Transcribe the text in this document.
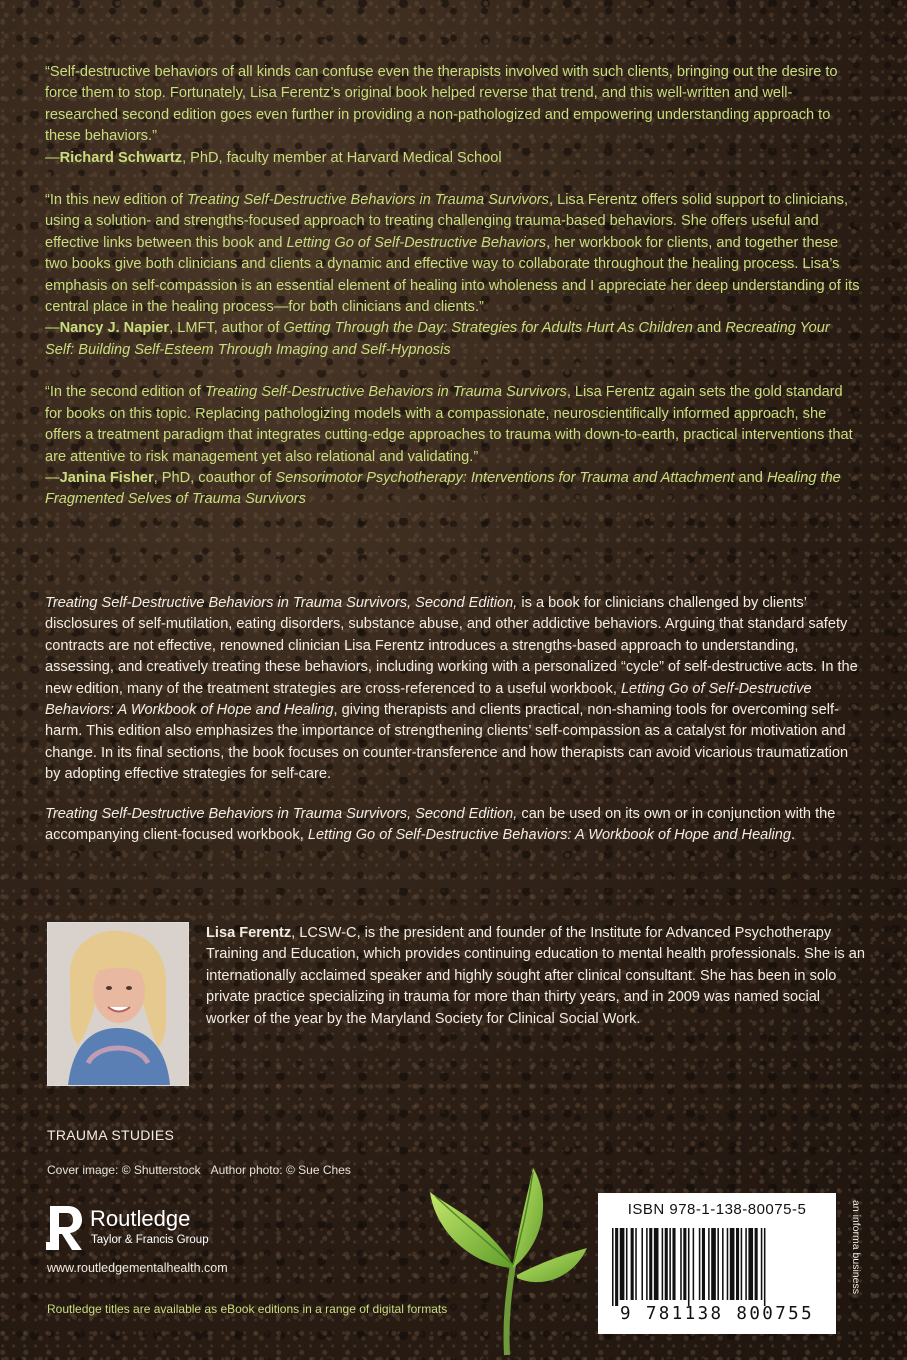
“Self-destructive behaviors of all kinds can confuse even the therapists involved with such clients, bringing out the desire to force them to stop. Fortunately, Lisa Ferentz’s original book helped reverse that trend, and this well-written and well-researched second edition goes even further in providing a non-pathologized and empowering understanding approach to these behaviors.”
—Richard Schwartz, PhD, faculty member at Harvard Medical School

“In this new edition of Treating Self-Destructive Behaviors in Trauma Survivors, Lisa Ferentz offers solid support to clinicians, using a solution- and strengths-focused approach to treating challenging trauma-based behaviors. She offers useful and effective links between this book and Letting Go of Self-Destructive Behaviors, her workbook for clients, and together these two books give both clinicians and clients a dynamic and effective way to collaborate throughout the healing process. Lisa’s emphasis on self-compassion is an essential element of healing into wholeness and I appreciate her deep understanding of its central place in the healing process—for both clinicians and clients.”
—Nancy J. Napier, LMFT, author of Getting Through the Day: Strategies for Adults Hurt As Children and Recreating Your Self: Building Self-Esteem Through Imaging and Self-Hypnosis

“In the second edition of Treating Self-Destructive Behaviors in Trauma Survivors, Lisa Ferentz again sets the gold standard for books on this topic. Replacing pathologizing models with a compassionate, neuroscientifically informed approach, she offers a treatment paradigm that integrates cutting-edge approaches to trauma with down-to-earth, practical interventions that are attentive to risk management yet also relational and validating.”
—Janina Fisher, PhD, coauthor of Sensorimotor Psychotherapy: Interventions for Trauma and Attachment and Healing the Fragmented Selves of Trauma Survivors

Treating Self-Destructive Behaviors in Trauma Survivors, Second Edition, is a book for clinicians challenged by clients’ disclosures of self-mutilation, eating disorders, substance abuse, and other addictive behaviors. Arguing that standard safety contracts are not effective, renowned clinician Lisa Ferentz introduces a strengths-based approach to understanding, assessing, and creatively treating these behaviors, including working with a personalized “cycle” of self-destructive acts. In the new edition, many of the treatment strategies are cross-referenced to a useful workbook, Letting Go of Self-Destructive Behaviors: A Workbook of Hope and Healing, giving therapists and clients practical, non-shaming tools for overcoming self-harm. This edition also emphasizes the importance of strengthening clients’ self-compassion as a catalyst for motivation and change. In its final sections, the book focuses on counter-transference and how therapists can avoid vicarious traumatization by adopting effective strategies for self-care.

Treating Self-Destructive Behaviors in Trauma Survivors, Second Edition, can be used on its own or in conjunction with the accompanying client-focused workbook, Letting Go of Self-Destructive Behaviors: A Workbook of Hope and Healing.

Lisa Ferentz, LCSW-C, is the president and founder of the Institute for Advanced Psychotherapy Training and Education, which provides continuing education to mental health professionals. She is an internationally acclaimed speaker and highly sought after clinical consultant. She has been in solo private practice specializing in trauma for more than thirty years, and in 2009 was named social worker of the year by the Maryland Society for Clinical Social Work.
TRAUMA STUDIES
Cover image: © Shutterstock Author photo: © Sue Ches
Routledge
Taylor & Francis Group
www.routledgementalhealth.com
Routledge titles are available as eBook editions in a range of digital formats
ISBN 978-1-138-80075-5
9 781138 800755
an informa business
